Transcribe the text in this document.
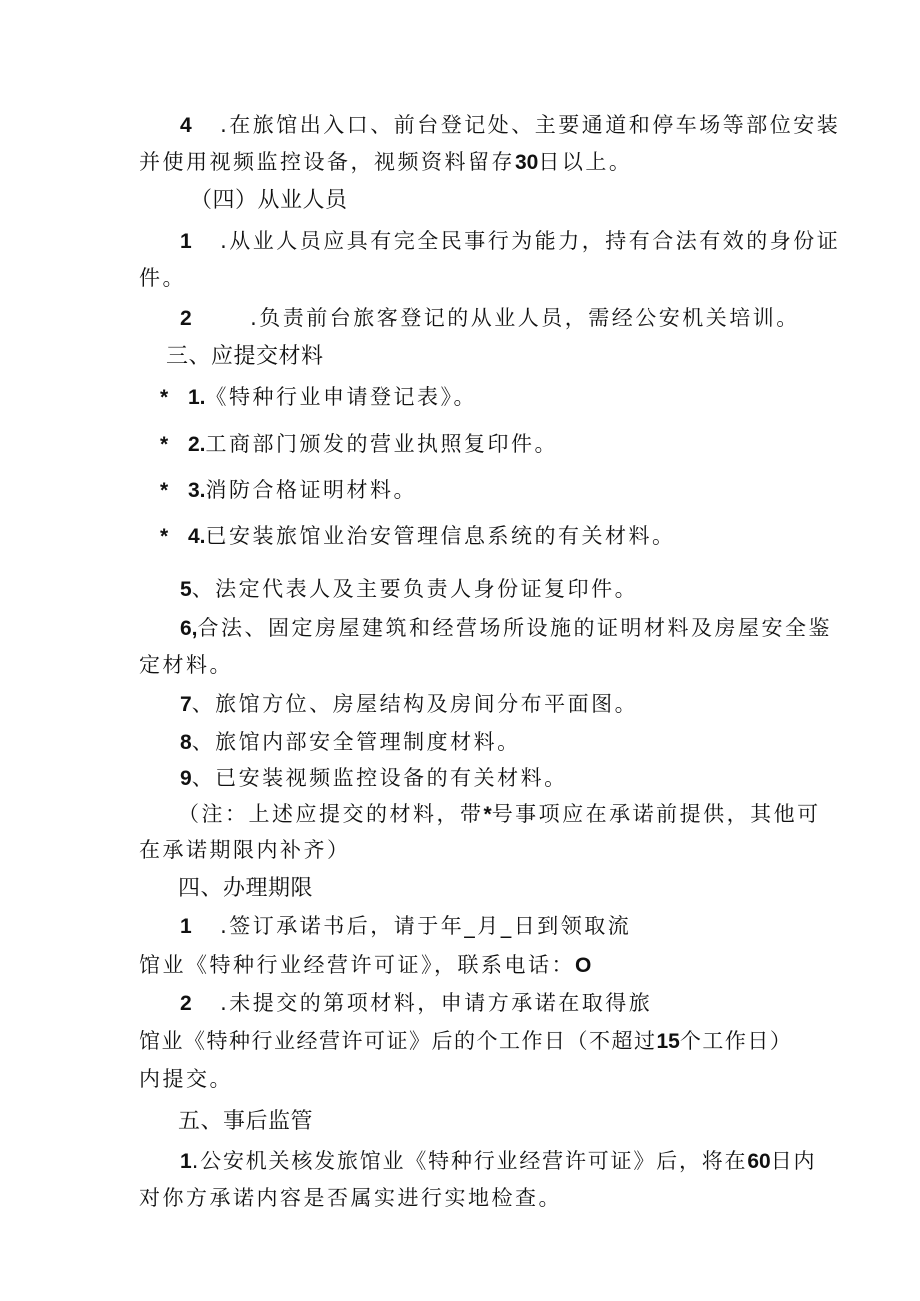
4 .在旅馆出入口、前台登记处、主要通道和停车场等部位安装
并使用视频监控设备，视频资料留存30日以上。
（四）从业人员
1 .从业人员应具有完全民事行为能力，持有合法有效的身份证
件。
2	.负责前台旅客登记的从业人员，需经公安机关培训。
三、应提交材料
* 1.《特种行业申请登记表》。
* 2.工商部门颁发的营业执照复印件。
* 3.消防合格证明材料。
* 4.已安装旅馆业治安管理信息系统的有关材料。
5、法定代表人及主要负责人身份证复印件。
6,合法、固定房屋建筑和经营场所设施的证明材料及房屋安全鉴
定材料。
7、旅馆方位、房屋结构及房间分布平面图。
8、旅馆内部安全管理制度材料。
9、已安装视频监控设备的有关材料。
（注：上述应提交的材料，带*号事项应在承诺前提供，其他可
在承诺期限内补齐）
四、办理期限
1 .签订承诺书后，请于年_月_日到领取流
馆业《特种行业经营许可证》，联系电话：O
2 .未提交的第项材料，申请方承诺在取得旅
馆业《特种行业经营许可证》后的个工作日（不超过15个工作日）
内提交。
五、事后监管
1.公安机关核发旅馆业《特种行业经营许可证》后，将在60日内
对你方承诺内容是否属实进行实地检查。
